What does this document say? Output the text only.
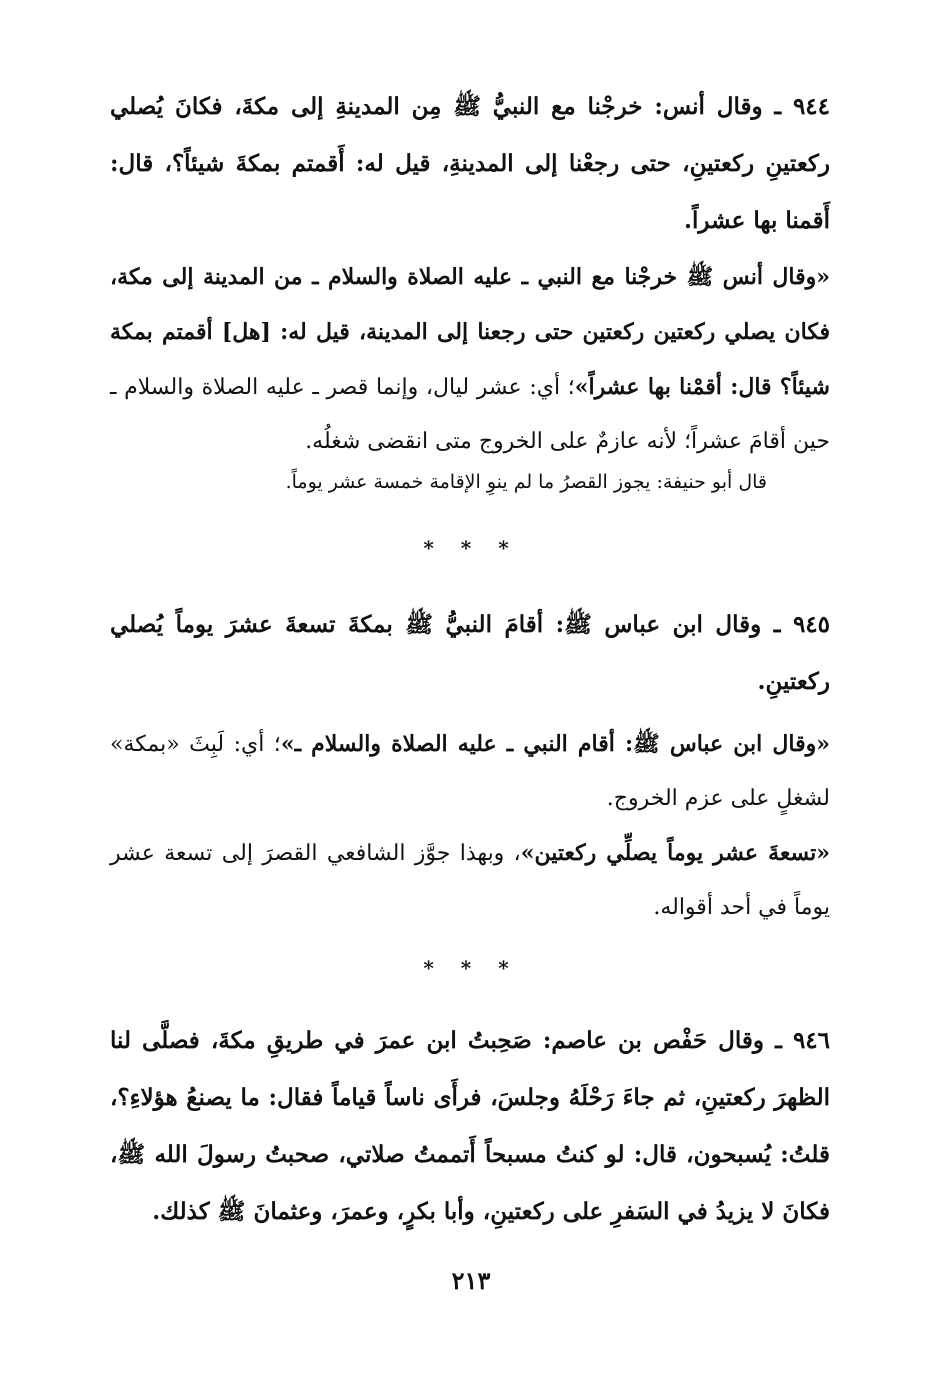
٩٤٤ ـ وقال أنس: خرجْنا مع النبيُّ ﷺ مِن المدينةِ إلى مكةَ، فكانَ يُصلي ركعتينِ ركعتينِ، حتى رجعْنا إلى المدينةِ، قيل له: أَقمتم بمكةَ شيئاً؟، قال: أَقمنا بها عشراً.
«وقال أنس ﷺ خرجْنا مع النبي ـ عليه الصلاة والسلام ـ من المدينة إلى مكة، فكان يصلي ركعتين ركعتين حتى رجعنا إلى المدينة، قيل له: [هل] أقمتم بمكة شيئاً؟ قال: أقمْنا بها عشراً»؛ أي: عشر ليال، وإنما قصر ـ عليه الصلاة والسلام ـ حين أقامَ عشراً؛ لأنه عازمٌ على الخروج متى انقضى شغلُه.
قال أبو حنيفة: يجوز القصرُ ما لم ينوِ الإقامة خمسة عشر يوماً.
* * *
٩٤٥ ـ وقال ابن عباس ﷺ: أقامَ النبيُّ ﷺ بمكةَ تسعةَ عشرَ يوماً يُصلي ركعتينِ.
«وقال ابن عباس ﷺ: أقام النبي ـ عليه الصلاة والسلام ـ»؛ أي: لَبِثَ «بمكة» لشغلٍ على عزم الخروج.
«تسعةَ عشر يوماً يصلِّي ركعتين»، وبهذا جوَّز الشافعي القصرَ إلى تسعة عشر يوماً في أحد أقواله.
* * *
٩٤٦ ـ وقال حَفْص بن عاصم: صَحِبتُ ابن عمرَ في طريقِ مكةَ، فصلَّى لنا الظهرَ ركعتينِ، ثم جاءَ رَحْلَهُ وجلسَ، فرأَى ناساً قياماً فقال: ما يصنعُ هؤلاءِ؟، قلتُ: يُسبحون، قال: لو كنتُ مسبحاً أَتممتُ صلاتي، صحبتُ رسولَ الله ﷺ، فكانَ لا يزيدُ في السَفرِ على ركعتينِ، وأبا بكرٍ، وعمرَ، وعثمانَ ﷺ كذلك.
٢١٣
